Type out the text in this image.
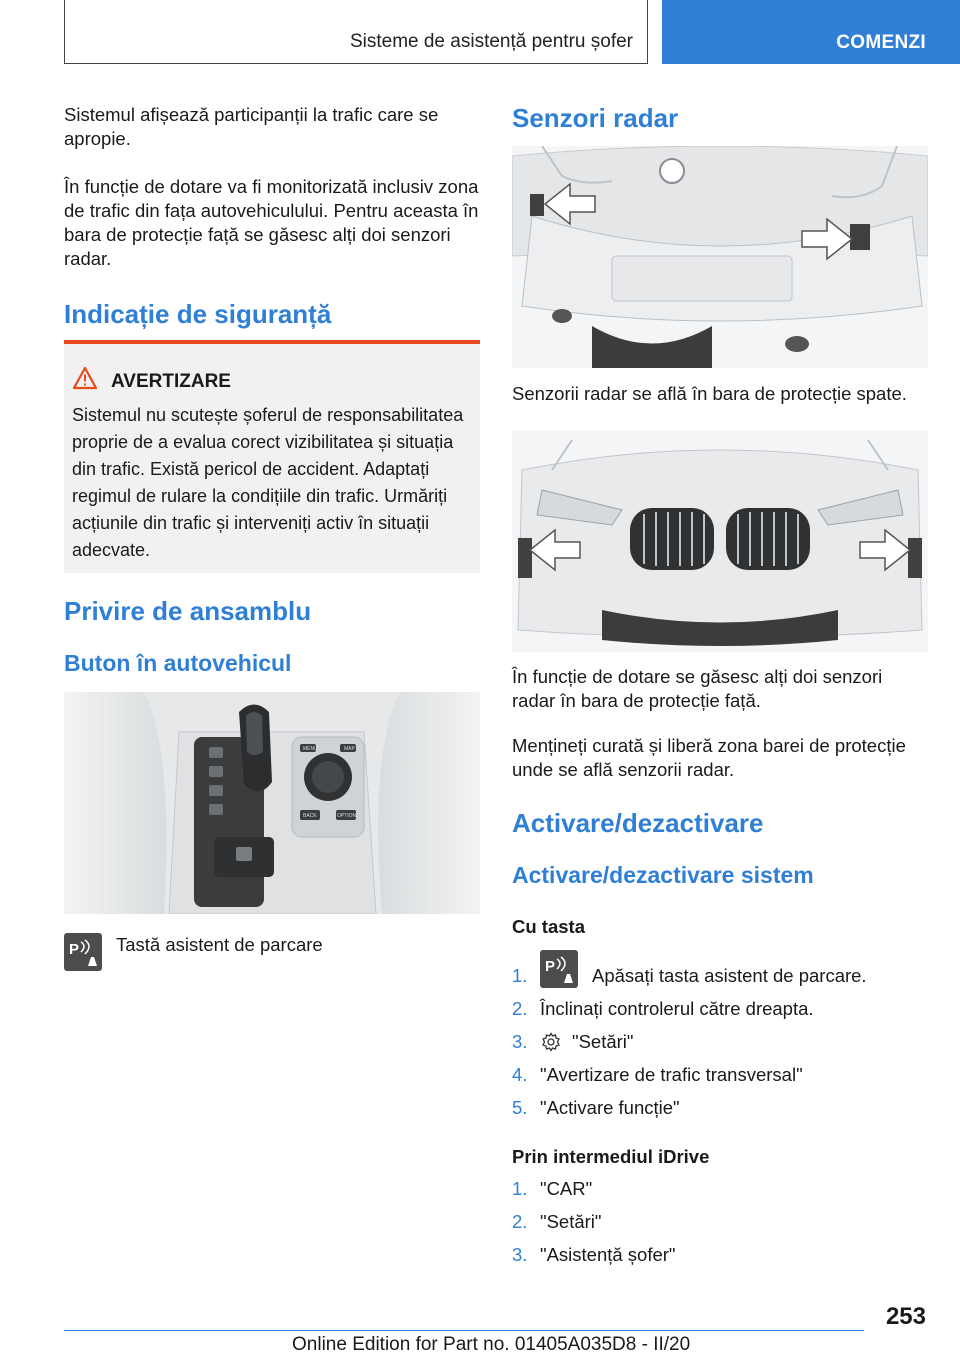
Sisteme de asistență pentru șofer	COMENZI

Sistemul afișează participanții la trafic care se apropie.

În funcție de dotare va fi monitorizată inclusiv zona de trafic din fața autovehiculului. Pentru aceasta în bara de protecție față se găsesc alți doi senzori radar.

Indicație de siguranță
AVERTIZARE

Sistemul nu scutește șoferul de responsabilitatea proprie de a evalua corect vizibilitatea și situația din trafic. Există pericol de accident. Adaptați regimul de rulare la condițiile din trafic. Urmăriți acțiunile din trafic și interveniți activ în situații adecvate.

Privire de ansamblu
Buton în autovehicul
MENU	MAP
BACK	OPTION
P Tastă asistent de parcare
Senzori radar

Senzorii radar se află în bara de protecție spate.

În funcție de dotare se găsesc alți doi senzori radar în bara de protecție față.

Mențineți curată și liberă zona barei de protecție unde se află senzorii radar.

Activare/dezactivare
Activare/dezactivare sistem
Cu tasta
1. P Apăsați tasta asistent de parcare.
2. Înclinați controlerul către dreapta.
3. "Setări"
4. "Avertizare de trafic transversal"
5. "Activare funcție"
Prin intermediul iDrive
1. "CAR"
2. "Setări"
3. "Asistență șofer"
253
Online Edition for Part no. 01405A035D8 - II/20
